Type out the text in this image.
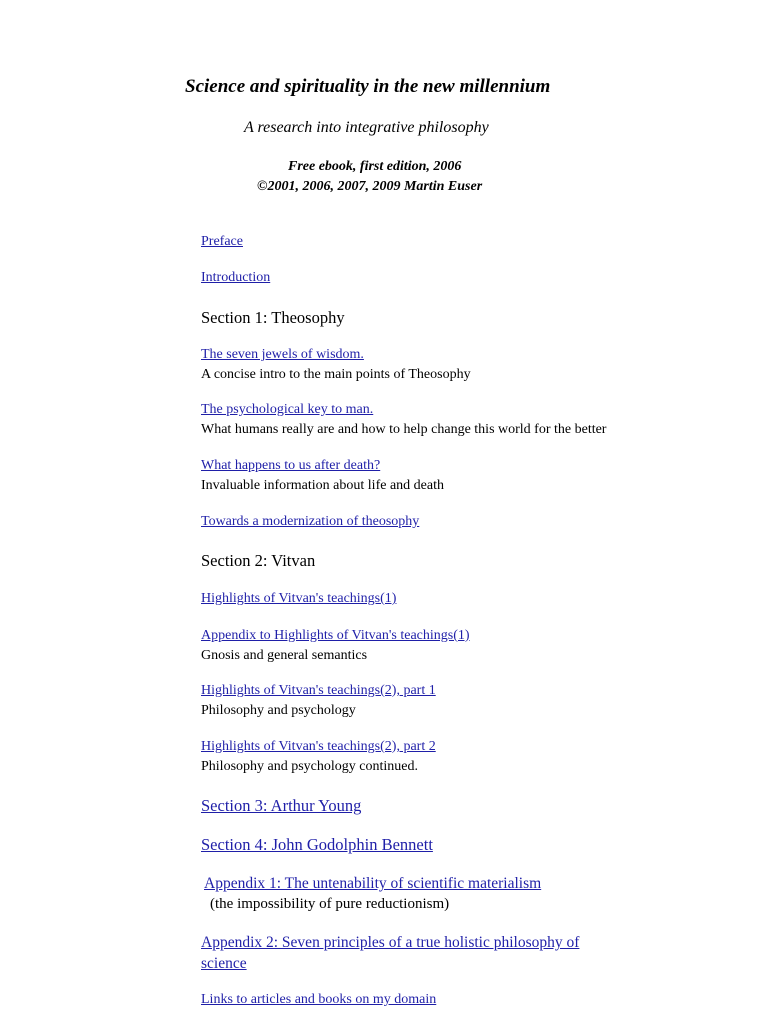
Science and spirituality in the new millennium
A research into integrative philosophy
Free ebook, first edition, 2006
©2001, 2006, 2007, 2009 Martin Euser
Preface
Introduction
Section 1: Theosophy
The seven jewels of wisdom.
A concise intro to the main points of Theosophy
The psychological key to man.
What humans really are and how to help change this world for the better
What happens to us after death?
Invaluable information about life and death
Towards a modernization of theosophy
Section 2: Vitvan
Highlights of Vitvan's teachings(1)
Appendix to Highlights of Vitvan's teachings(1)
Gnosis and general semantics
Highlights of Vitvan's teachings(2), part 1
Philosophy and psychology
Highlights of Vitvan's teachings(2), part 2
Philosophy and psychology continued.
Section 3: Arthur Young
Section 4: John Godolphin Bennett
Appendix 1: The untenability of scientific materialism
(the impossibility of pure reductionism)
Appendix 2: Seven principles of a true holistic philosophy of
science
Links to articles and books on my domain
